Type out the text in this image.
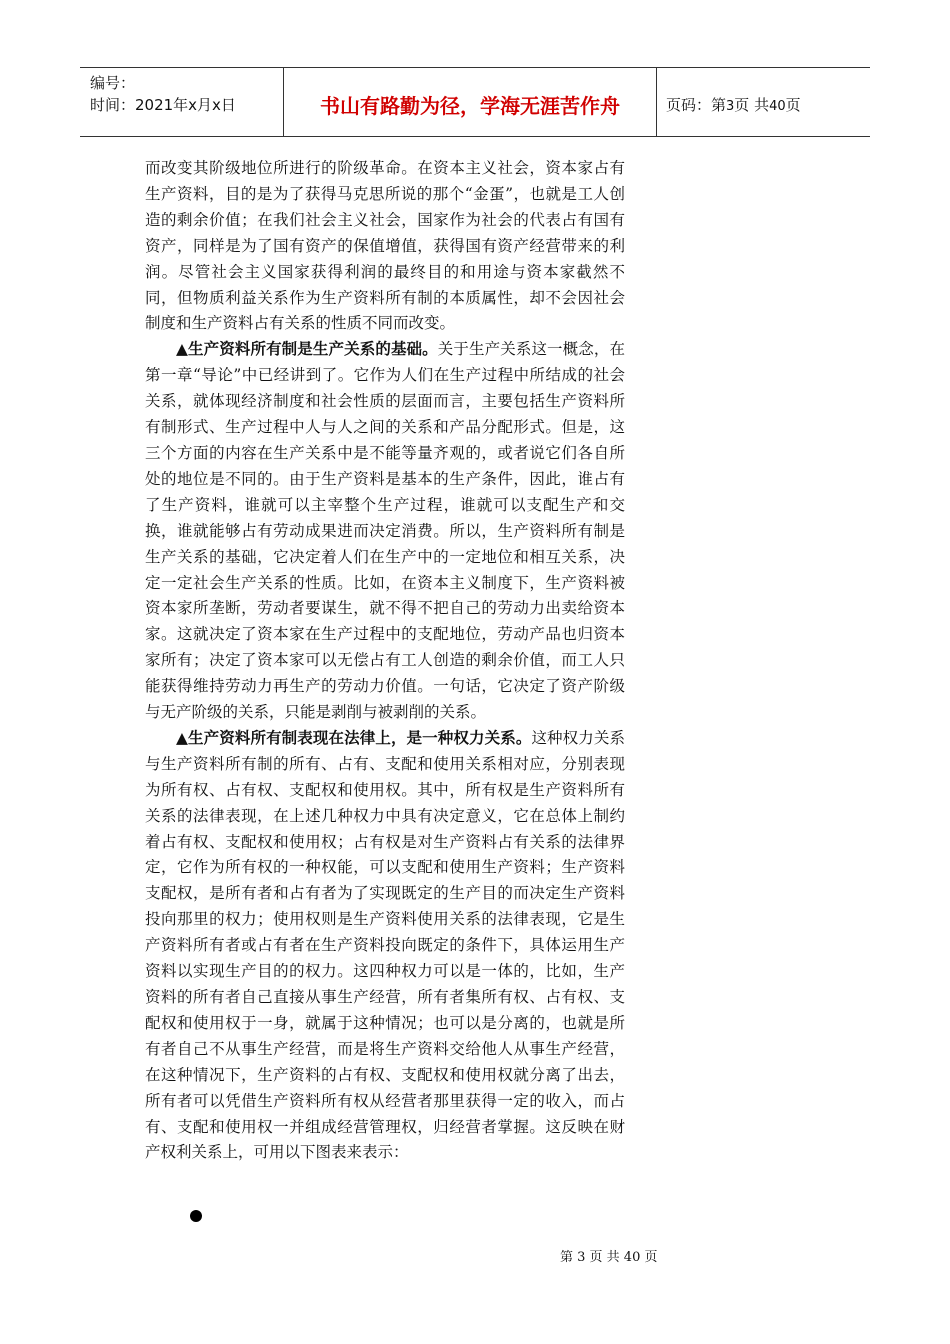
编号：
时间：2021年x月x日	书山有路勤为径，学海无涯苦作舟	页码：第3页 共40页

而改变其阶级地位所进行的阶级革命。在资本主义社会，资本家占有生产资料，目的是为了获得马克思所说的那个“金蛋”，也就是工人创造的剩余价值；在我们社会主义社会，国家作为社会的代表占有国有资产，同样是为了国有资产的保值增值，获得国有资产经营带来的利润。尽管社会主义国家获得利润的最终目的和用途与资本家截然不同，但物质利益关系作为生产资料所有制的本质属性，却不会因社会制度和生产资料占有关系的性质不同而改变。

▲生产资料所有制是生产关系的基础。关于生产关系这一概念，在第一章“导论”中已经讲到了。它作为人们在生产过程中所结成的社会关系，就体现经济制度和社会性质的层面而言，主要包括生产资料所有制形式、生产过程中人与人之间的关系和产品分配形式。但是，这三个方面的内容在生产关系中是不能等量齐观的，或者说它们各自所处的地位是不同的。由于生产资料是基本的生产条件，因此，谁占有了生产资料，谁就可以主宰整个生产过程，谁就可以支配生产和交换，谁就能够占有劳动成果进而决定消费。所以，生产资料所有制是生产关系的基础，它决定着人们在生产中的一定地位和相互关系，决定一定社会生产关系的性质。比如，在资本主义制度下，生产资料被资本家所垄断，劳动者要谋生，就不得不把自己的劳动力出卖给资本家。这就决定了资本家在生产过程中的支配地位，劳动产品也归资本家所有；决定了资本家可以无偿占有工人创造的剩余价值，而工人只能获得维持劳动力再生产的劳动力价值。一句话，它决定了资产阶级与无产阶级的关系，只能是剥削与被剥削的关系。

▲生产资料所有制表现在法律上，是一种权力关系。这种权力关系与生产资料所有制的所有、占有、支配和使用关系相对应，分别表现为所有权、占有权、支配权和使用权。其中，所有权是生产资料所有关系的法律表现，在上述几种权力中具有决定意义，它在总体上制约着占有权、支配权和使用权；占有权是对生产资料占有关系的法律界定，它作为所有权的一种权能，可以支配和使用生产资料；生产资料支配权，是所有者和占有者为了实现既定的生产目的而决定生产资料投向那里的权力；使用权则是生产资料使用关系的法律表现，它是生产资料所有者或占有者在生产资料投向既定的条件下，具体运用生产资料以实现生产目的的权力。这四种权力可以是一体的，比如，生产资料的所有者自己直接从事生产经营，所有者集所有权、占有权、支配权和使用权于一身，就属于这种情况；也可以是分离的，也就是所有者自己不从事生产经营，而是将生产资料交给他人从事生产经营，在这种情况下，生产资料的占有权、支配权和使用权就分离了出去，所有者可以凭借生产资料所有权从经营者那里获得一定的收入，而占有、支配和使用权一并组成经营管理权，归经营者掌握。这反映在财产权利关系上，可用以下图表来表示：

第 3 页 共 40 页
